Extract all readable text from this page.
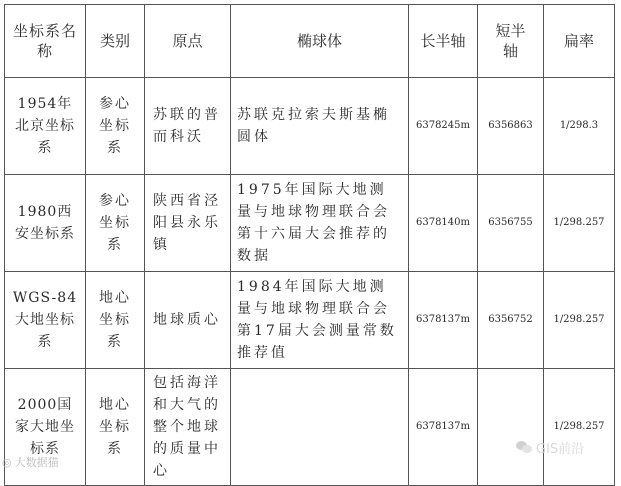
坐标系名称	类别	原点	椭球体	长半轴	短半轴	扁率
1954年北京坐标系	参心坐标系	苏联的普而科沃	苏联克拉索夫斯基椭圆体	6378245m	6356863	1/298.3
1980西安坐标系	参心坐标系	陕西省泾阳县永乐镇	1975年国际大地测量与地球物理联合会第十六届大会推荐的数据	6378140m	6356755	1/298.257
WGS-84大地坐标系	地心坐标系	地球质心	1984年国际大地测量与地球物理联合会第17届大会测量常数推荐值	6378137m	6356752	1/298.257
2000国家大地坐标系	地心坐标系	包括海洋和大气的整个地球的质量中心		6378137m		1/298.257
◎ 大数据猫
GIS前沿
